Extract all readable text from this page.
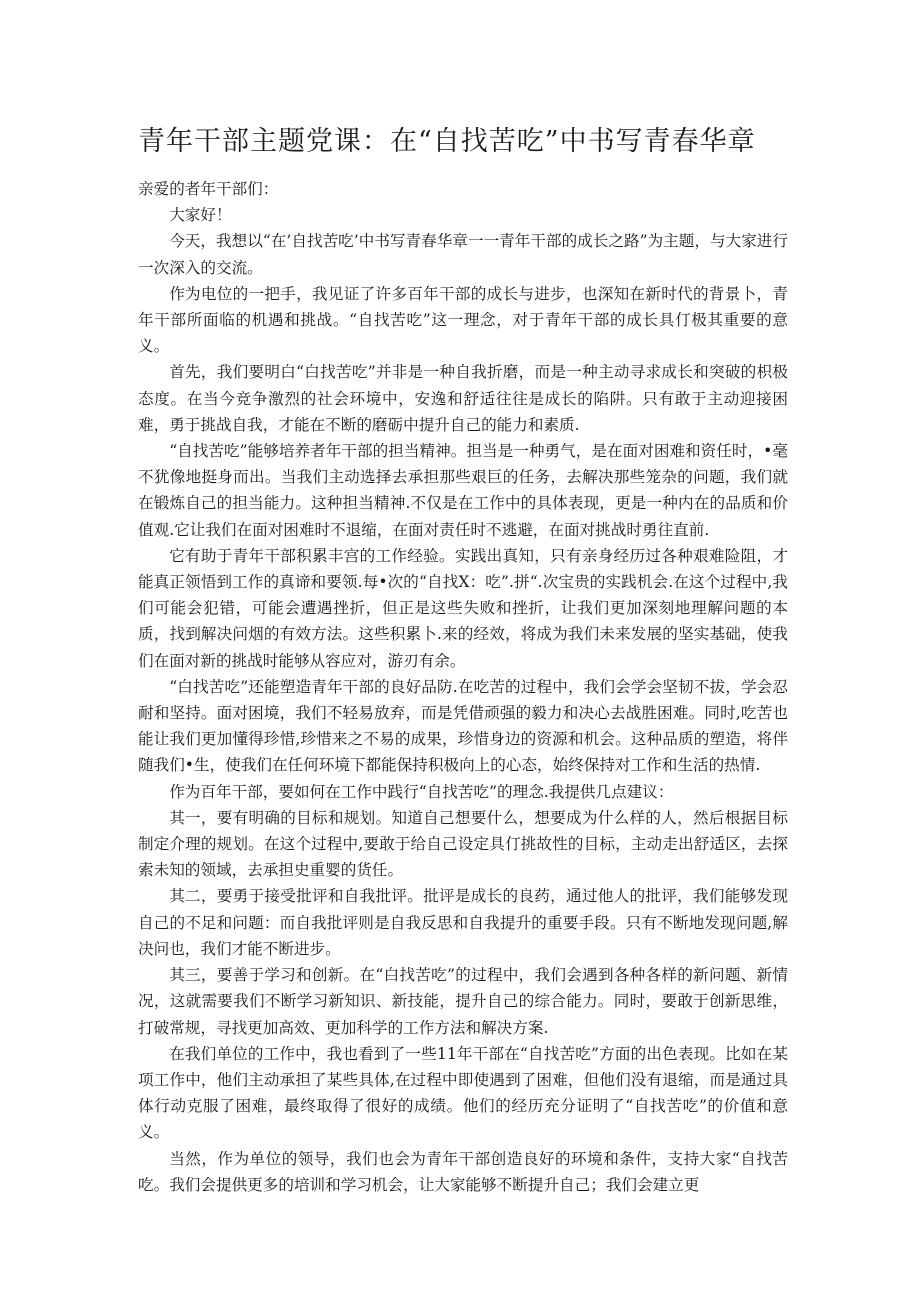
青年干部主题党课：在“自找苦吃”中书写青春华章

亲爱的者年干部们：

大家好！

今天，我想以“在’自找苦吃’中书写青春华章一一青年干部的成长之路”为主题，与大家进行一次深入的交流。

作为电位的一把手，我见证了许多百年干部的成长与进步，也深知在新时代的背景卜，青年干部所面临的机遇和挑战。“自找苦吃”这一理念，对于青年干部的成长具仃极其重要的意义。

首先，我们要明白“白找苦吃”并非是一种自我折磨，而是一种主动寻求成长和突破的枳极态度。在当今竞争激烈的社会环境中，安逸和舒适往往是成长的陷阱。只有敢于主动迎接困难，勇于挑战自我，才能在不断的磨砺中提升自己的能力和素质.

“自找苦吃”能够培养者年干部的担当精神。担当是一种勇气，是在面对困难和资任时，•毫不犹像地挺身而出。当我们主动选择去承担那些艰巨的任务，去解决那些笼杂的问题，我们就在锻炼自己的担当能力。这种担当精神.不仅是在工作中的具体表现，更是一种内在的品质和价值观.它让我们在面对困难时不退缩，在面对责任时不逃避，在面对挑战时勇往直前.

它有助于青年干部积累丰宫的工作经验。实践出真知，只有亲身经历过各种艰难险阻，才能真正领悟到工作的真谛和要领.每•次的“自找X：吃”.拼“.次宝贵的实践机会.在这个过程中,我们可能会犯错，可能会遭遇挫折，但正是这些失败和挫折，让我们更加深刻地理解问题的本质，找到解决问烟的有效方法。这些积累卜.来的经效，将成为我们未来发展的坚实基础，使我们在面对新的挑战时能够从容应对，游刃有余。

“白找苦吃”还能塑造青年干部的良好品防.在吃苦的过程中，我们会学会坚韧不拔，学会忍耐和坚持。面对困境，我们不轻易放弃，而是凭借顽强的毅力和决心去战胜困难。同时,吃苦也能让我们更加懂得珍惜,珍惜来之不易的成果，珍惜身边的资源和机会。这种品质的塑造，将伴随我们•生，使我们在任何环境下都能保持积极向上的心态，始终保持对工作和生活的热情.

作为百年干部，要如何在工作中践行“自找苦吃”的理念.我提供几点建议：

其一，要有明确的目标和规划。知道自己想要什么，想要成为什么样的人，然后根据目标制定介理的规划。在这个过程中,要敢于给自己设定具仃挑故性的目标，主动走出舒适区，去探索未知的领域，去承担史重婴的货任。

其二，要勇于接受批评和自我批评。批评是成长的良药，通过他人的批评，我们能够发现自己的不足和问题：而自我批评则是自我反思和自我提升的重要手段。只有不断地发现问题,解决问也，我们才能不断进步。

其三，要善于学习和创新。在“白找苦吃”的过程中，我们会遇到各种各样的新问题、新情况，这就需要我们不断学习新知识、新技能，提升自己的综合能力。同时，要敢于创新思维，打破常规，寻找更加高效、更加科学的工作方法和解决方案.

在我们单位的工作中，我也看到了一些11年干部在“自找苦吃”方面的出色表现。比如在某项工作中，他们主动承担了某些具体,在过程中即使遇到了困难，但他们没有退缩，而是通过具体行动克服了困难，最终取得了很好的成绩。他们的经历充分证明了“自找苦吃”的价值和意义。

当然，作为单位的领导，我们也会为青年干部创造良好的环境和条件，支持大家“自找苦吃。我们会提供更多的培训和学习机会，让大家能够不断提升自己；我们会建立更
